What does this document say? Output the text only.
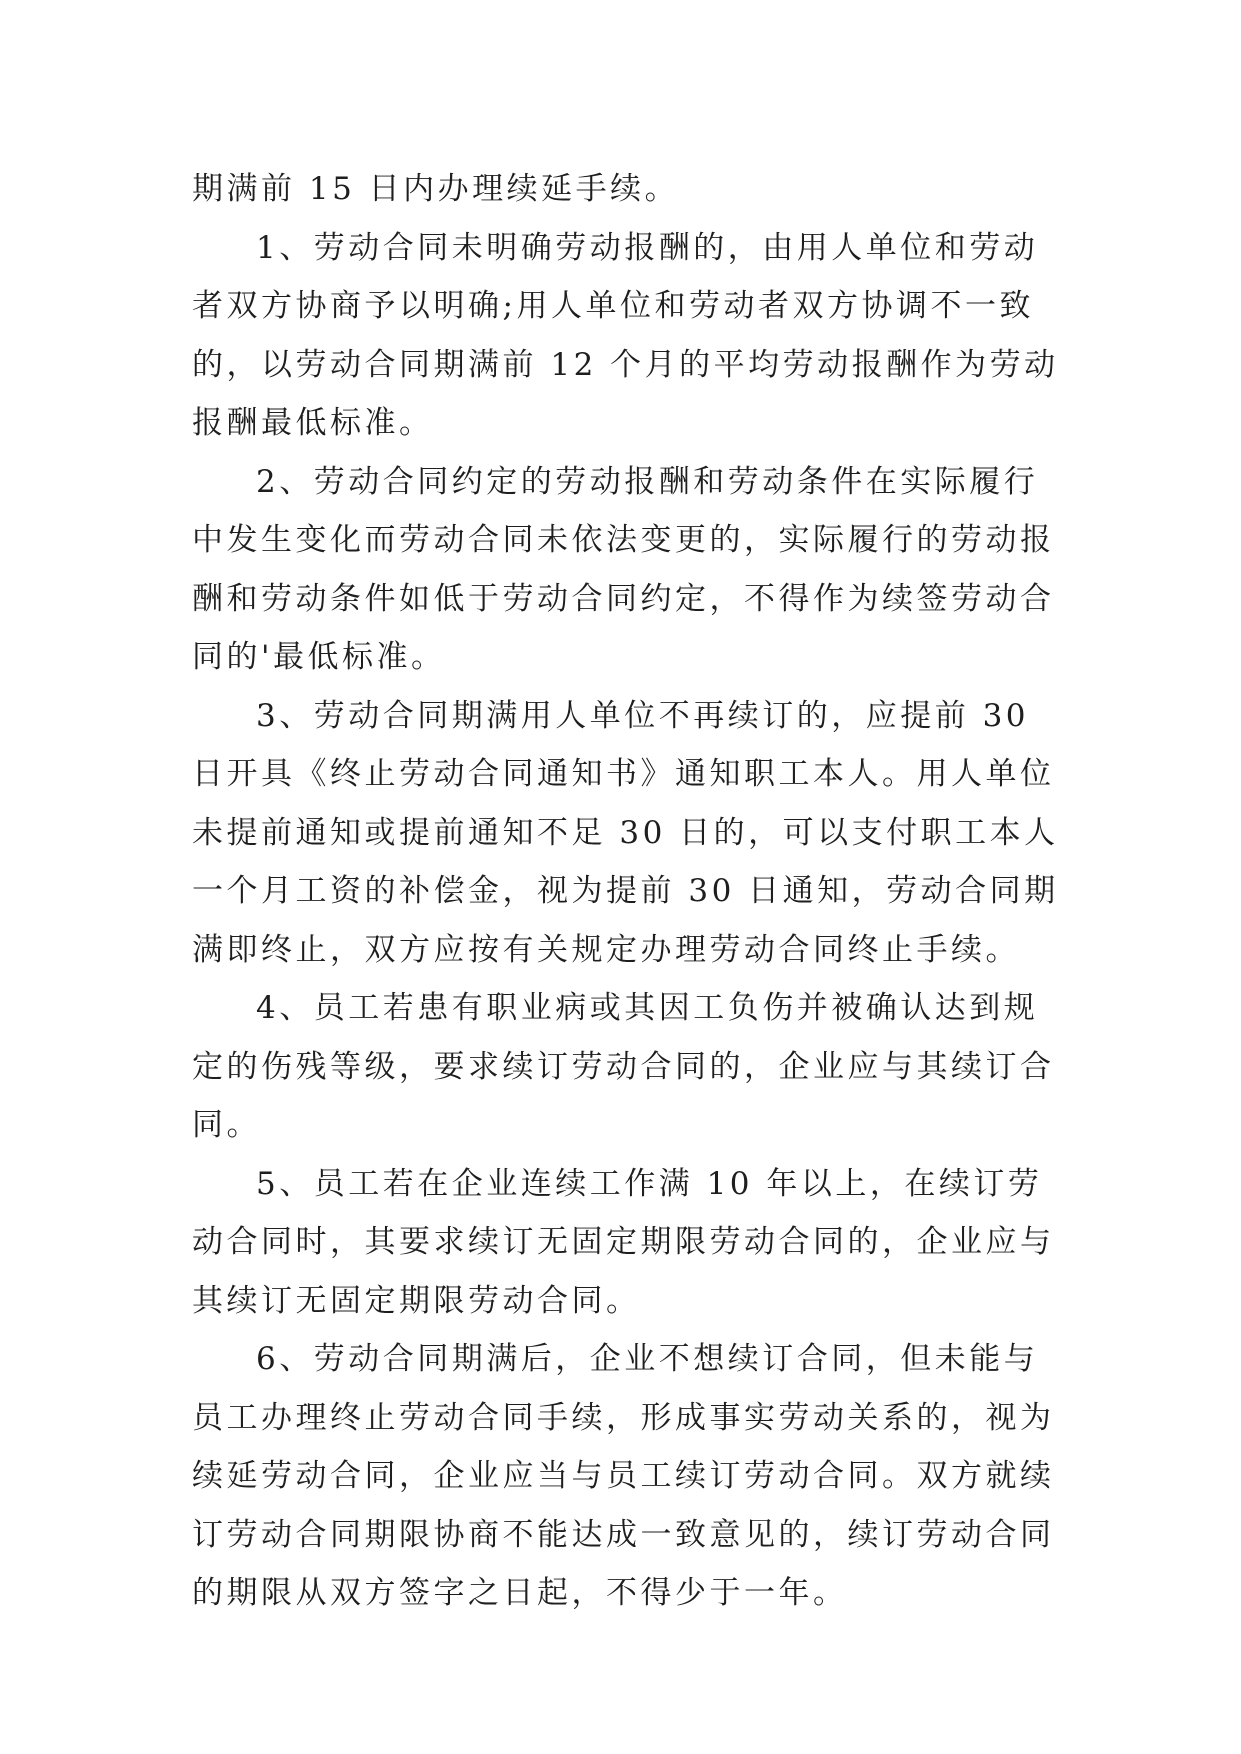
期满前 15 日内办理续延手续。

1、劳动合同未明确劳动报酬的，由用人单位和劳动者双方协商予以明确;用人单位和劳动者双方协调不一致的，以劳动合同期满前 12 个月的平均劳动报酬作为劳动报酬最低标准。

2、劳动合同约定的劳动报酬和劳动条件在实际履行中发生变化而劳动合同未依法变更的，实际履行的劳动报酬和劳动条件如低于劳动合同约定，不得作为续签劳动合同的'最低标准。

3、劳动合同期满用人单位不再续订的，应提前 30 日开具《终止劳动合同通知书》通知职工本人。用人单位未提前通知或提前通知不足 30 日的，可以支付职工本人一个月工资的补偿金，视为提前 30 日通知，劳动合同期满即终止，双方应按有关规定办理劳动合同终止手续。

4、员工若患有职业病或其因工负伤并被确认达到规定的伤残等级，要求续订劳动合同的，企业应与其续订合同。

5、员工若在企业连续工作满 10 年以上，在续订劳动合同时，其要求续订无固定期限劳动合同的，企业应与其续订无固定期限劳动合同。

6、劳动合同期满后，企业不想续订合同，但未能与员工办理终止劳动合同手续，形成事实劳动关系的，视为续延劳动合同，企业应当与员工续订劳动合同。双方就续订劳动合同期限协商不能达成一致意见的，续订劳动合同的期限从双方签字之日起，不得少于一年。
